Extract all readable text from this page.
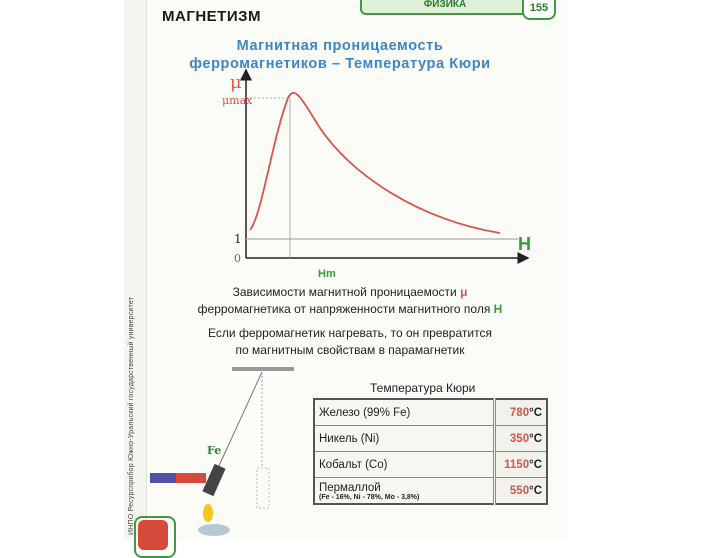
ИНПО Ресурсприбор Южно-Уральский государственный университет
МАГНЕТИЗМ
ФИЗИКА	155
Магнитная проницаемость
ферромагнетиков – Температура Кюри
μ
μmax
1
0
H
Hm
Fe
Зависимости магнитной проницаемости μ
ферромагнетика от напряженности магнитного поля H
Если ферромагнетик нагревать, то он превратится
по магнитным свойствам в парамагнетик
Температура Кюри
Железо (99% Fe)	780°С
Никель (Ni)	350°С
Кобальт (Co)	1150°С

Пермаллой
(Fe - 16%, Ni - 78%, Mo - 3,8%)	550°С
